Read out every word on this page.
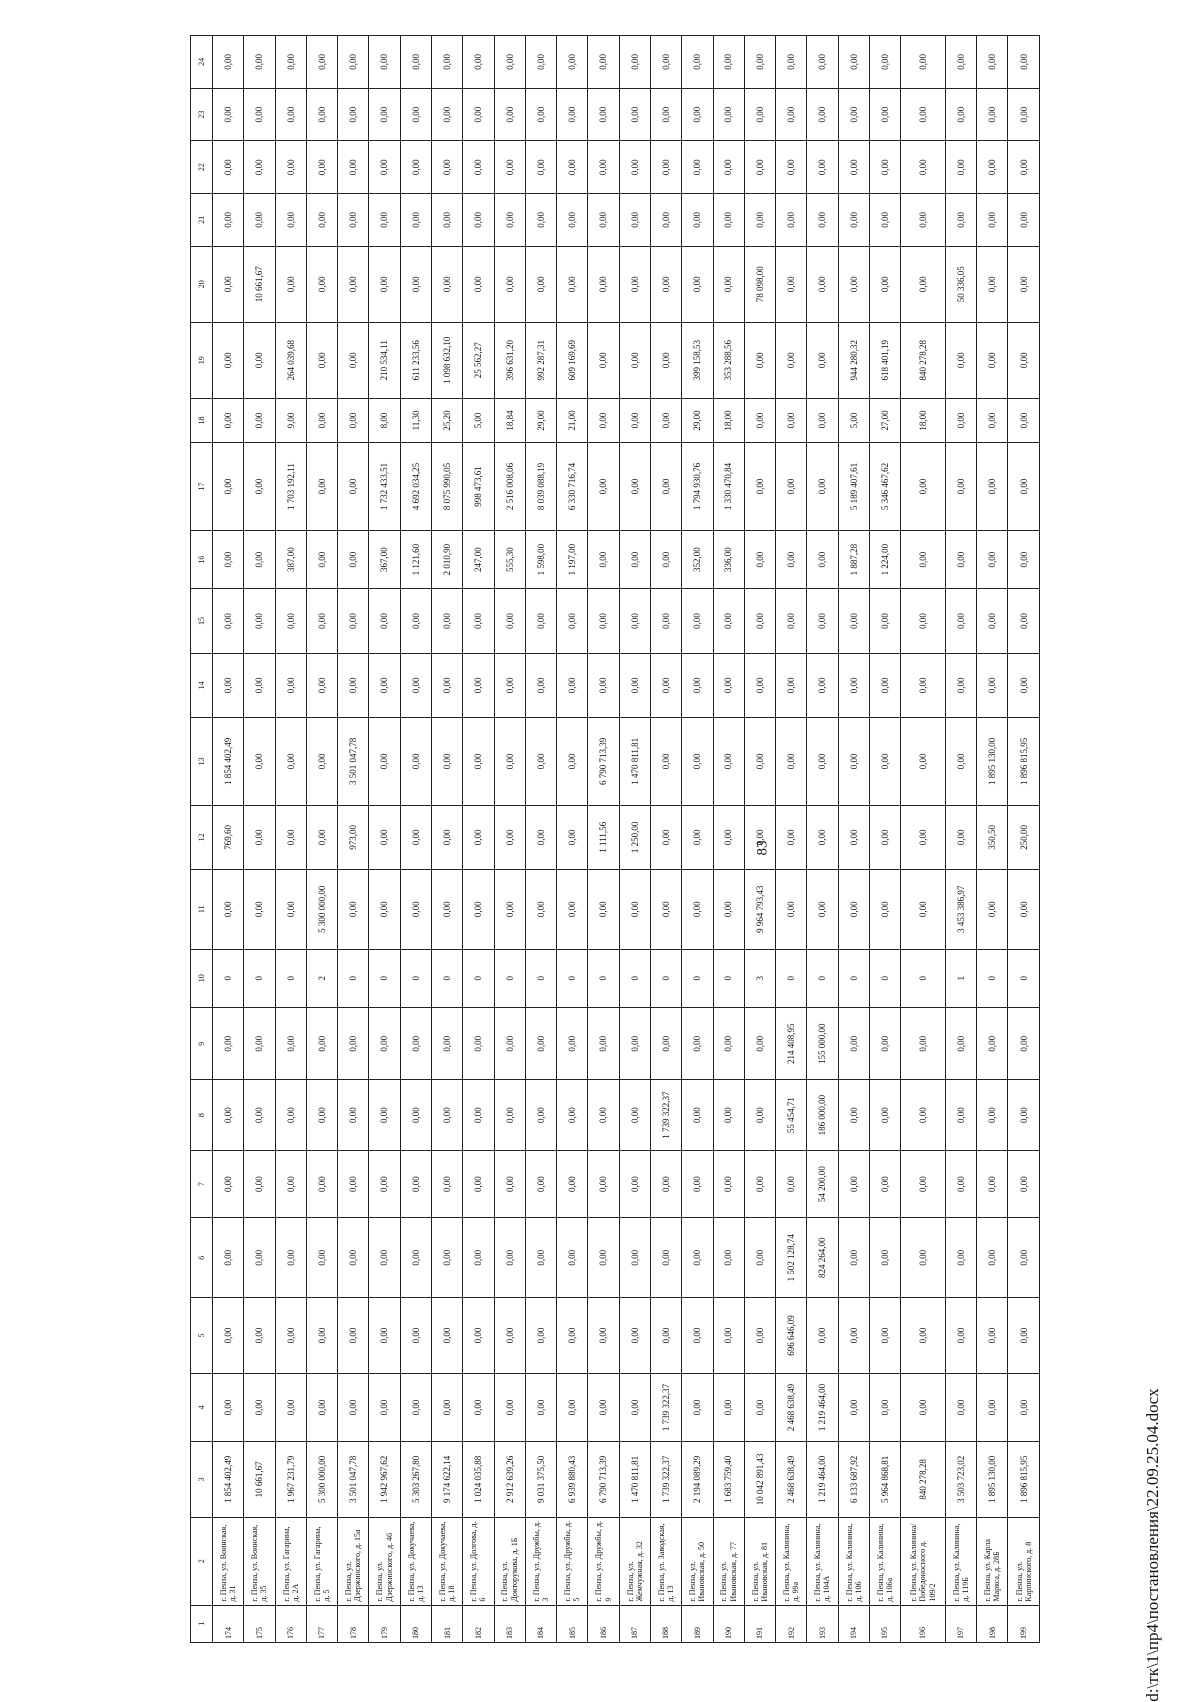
83
1	2	3	4	5	6	7	8	9	10	11	12	13	14	15	16	17	18	19	20	21	22	23	24
174	г. Пенза, ул. Воинская, д. 31	1 854 402,49	0,00	0,00	0,00	0,00	0,00	0,00	0	0,00	769,60	1 854 402,49	0,00	0,00	0,00	0,00	0,00	0,00	0,00	0,00	0,00	0,00	0,00
175	г. Пенза, ул. Воинская, д. 35	10 661,67	0,00	0,00	0,00	0,00	0,00	0,00	0	0,00	0,00	0,00	0,00	0,00	0,00	0,00	0,00	0,00	10 661,67	0,00	0,00	0,00	0,00
176	г. Пенза, ул. Гагарина, д. 2А	1 967 231,79	0,00	0,00	0,00	0,00	0,00	0,00	0	0,00	0,00	0,00	0,00	0,00	387,00	1 703 192,11	9,00	264 039,68	0,00	0,00	0,00	0,00	0,00
177	г. Пенза, ул. Гагарина, д. 5	5 300 000,00	0,00	0,00	0,00	0,00	0,00	0,00	2	5 300 000,00	0,00	0,00	0,00	0,00	0,00	0,00	0,00	0,00	0,00	0,00	0,00	0,00	0,00
178	г. Пенза, ул. Дзержинского, д. 15а	3 501 047,78	0,00	0,00	0,00	0,00	0,00	0,00	0	0,00	973,00	3 501 047,78	0,00	0,00	0,00	0,00	0,00	0,00	0,00	0,00	0,00	0,00	0,00
179	г. Пенза, ул. Дзержинского, д. 46	1 942 967,62	0,00	0,00	0,00	0,00	0,00	0,00	0	0,00	0,00	0,00	0,00	0,00	367,00	1 732 433,51	8,00	210 534,11	0,00	0,00	0,00	0,00	0,00
180	г. Пенза, ул. Докучаева, д. 13	5 303 267,80	0,00	0,00	0,00	0,00	0,00	0,00	0	0,00	0,00	0,00	0,00	0,00	1 121,60	4 692 034,25	11,30	611 233,56	0,00	0,00	0,00	0,00	0,00
181	г. Пенза, ул. Докучаева, д. 18	9 174 622,14	0,00	0,00	0,00	0,00	0,00	0,00	0	0,00	0,00	0,00	0,00	0,00	2 010,90	8 075 990,05	25,20	1 098 632,10	0,00	0,00	0,00	0,00	0,00
182	г. Пенза, ул. Долгова, д. 6	1 024 035,88	0,00	0,00	0,00	0,00	0,00	0,00	0	0,00	0,00	0,00	0,00	0,00	247,00	998 473,61	5,00	25 562,27	0,00	0,00	0,00	0,00	0,00
183	г. Пенза, ул. Докторукова, д. 1Б	2 912 639,26	0,00	0,00	0,00	0,00	0,00	0,00	0	0,00	0,00	0,00	0,00	0,00	555,30	2 516 008,06	18,84	396 631,20	0,00	0,00	0,00	0,00	0,00
184	г. Пенза, ул. Дружбы, д. 3	9 031 375,50	0,00	0,00	0,00	0,00	0,00	0,00	0	0,00	0,00	0,00	0,00	0,00	1 598,00	8 039 088,19	29,00	992 287,31	0,00	0,00	0,00	0,00	0,00
185	г. Пенза, ул. Дружбы, д. 5	6 939 880,43	0,00	0,00	0,00	0,00	0,00	0,00	0	0,00	0,00	0,00	0,00	0,00	1 197,00	6 330 716,74	21,00	609 169,69	0,00	0,00	0,00	0,00	0,00
186	г. Пенза, ул. Дружбы, д. 9	6 790 713,39	0,00	0,00	0,00	0,00	0,00	0,00	0	0,00	1 111,56	6 790 713,39	0,00	0,00	0,00	0,00	0,00	0,00	0,00	0,00	0,00	0,00	0,00
187	г. Пенза, ул. Жемчужная, д. 32	1 470 811,81	0,00	0,00	0,00	0,00	0,00	0,00	0	0,00	1 250,00	1 470 811,81	0,00	0,00	0,00	0,00	0,00	0,00	0,00	0,00	0,00	0,00	0,00
188	г. Пенза, ул. Заводская, д. 13	1 739 322,37	1 739 322,37	0,00	0,00	0,00	1 739 322,37	0,00	0	0,00	0,00	0,00	0,00	0,00	0,00	0,00	0,00	0,00	0,00	0,00	0,00	0,00	0,00
189	г. Пенза, ул. Ивановская, д. 50	2 194 089,29	0,00	0,00	0,00	0,00	0,00	0,00	0	0,00	0,00	0,00	0,00	0,00	352,00	1 794 930,76	29,00	399 158,53	0,00	0,00	0,00	0,00	0,00
190	г. Пенза, ул. Ивановская, д. 77	1 683 759,40	0,00	0,00	0,00	0,00	0,00	0,00	0	0,00	0,00	0,00	0,00	0,00	336,00	1 330 470,84	18,00	353 288,56	0,00	0,00	0,00	0,00	0,00
191	г. Пенза, ул. Ивановская, д. 81	10 042 891,43	0,00	0,00	0,00	0,00	0,00	0,00	3	9 964 793,43	0,00	0,00	0,00	0,00	0,00	0,00	0,00	0,00	78 098,00	0,00	0,00	0,00	0,00
192	г. Пенза, ул. Калинина, д. 99а	2 468 638,49	2 468 638,49	696 646,09	1 502 128,74	0,00	55 454,71	214 408,95	0	0,00	0,00	0,00	0,00	0,00	0,00	0,00	0,00	0,00	0,00	0,00	0,00	0,00	0,00
193	г. Пенза, ул. Калинина, д. 104А	1 219 464,00	1 219 464,00	0,00	824 264,00	54 200,00	186 000,00	155 000,00	0	0,00	0,00	0,00	0,00	0,00	0,00	0,00	0,00	0,00	0,00	0,00	0,00	0,00	0,00
194	г. Пенза, ул. Калинина, д. 106	6 133 687,92	0,00	0,00	0,00	0,00	0,00	0,00	0	0,00	0,00	0,00	0,00	0,00	1 887,28	5 189 407,61	5,00	944 280,32	0,00	0,00	0,00	0,00	0,00
195	г. Пенза, ул. Калинина, д. 106а	5 964 868,81	0,00	0,00	0,00	0,00	0,00	0,00	0	0,00	0,00	0,00	0,00	0,00	1 224,00	5 346 467,62	27,00	618 401,19	0,00	0,00	0,00	0,00	0,00
196	г. Пенза, ул. Калинина/Победоносного д. 109/2	840 278,28	0,00	0,00	0,00	0,00	0,00	0,00	0	0,00	0,00	0,00	0,00	0,00	0,00	0,00	18,00	840 278,28	0,00	0,00	0,00	0,00	0,00
197	г. Пенза, ул. Калинина, д. 119Б	3 503 723,02	0,00	0,00	0,00	0,00	0,00	0,00	1	3 453 386,97	0,00	0,00	0,00	0,00	0,00	0,00	0,00	0,00	50 336,05	0,00	0,00	0,00	0,00
198	г. Пенза, ул. Карла Маркса, д. 28Б	1 895 130,00	0,00	0,00	0,00	0,00	0,00	0,00	0	0,00	350,50	1 895 130,00	0,00	0,00	0,00	0,00	0,00	0,00	0,00	0,00	0,00	0,00	0,00
199	г. Пенза, ул. Карпинского, д. 8	1 896 815,95	0,00	0,00	0,00	0,00	0,00	0,00	0	0,00	250,00	1 896 815,95	0,00	0,00	0,00	0,00	0,00	0,00	0,00	0,00	0,00	0,00	0,00
d:\тк\1\пр4\постановления\22.09.25.04.docx
